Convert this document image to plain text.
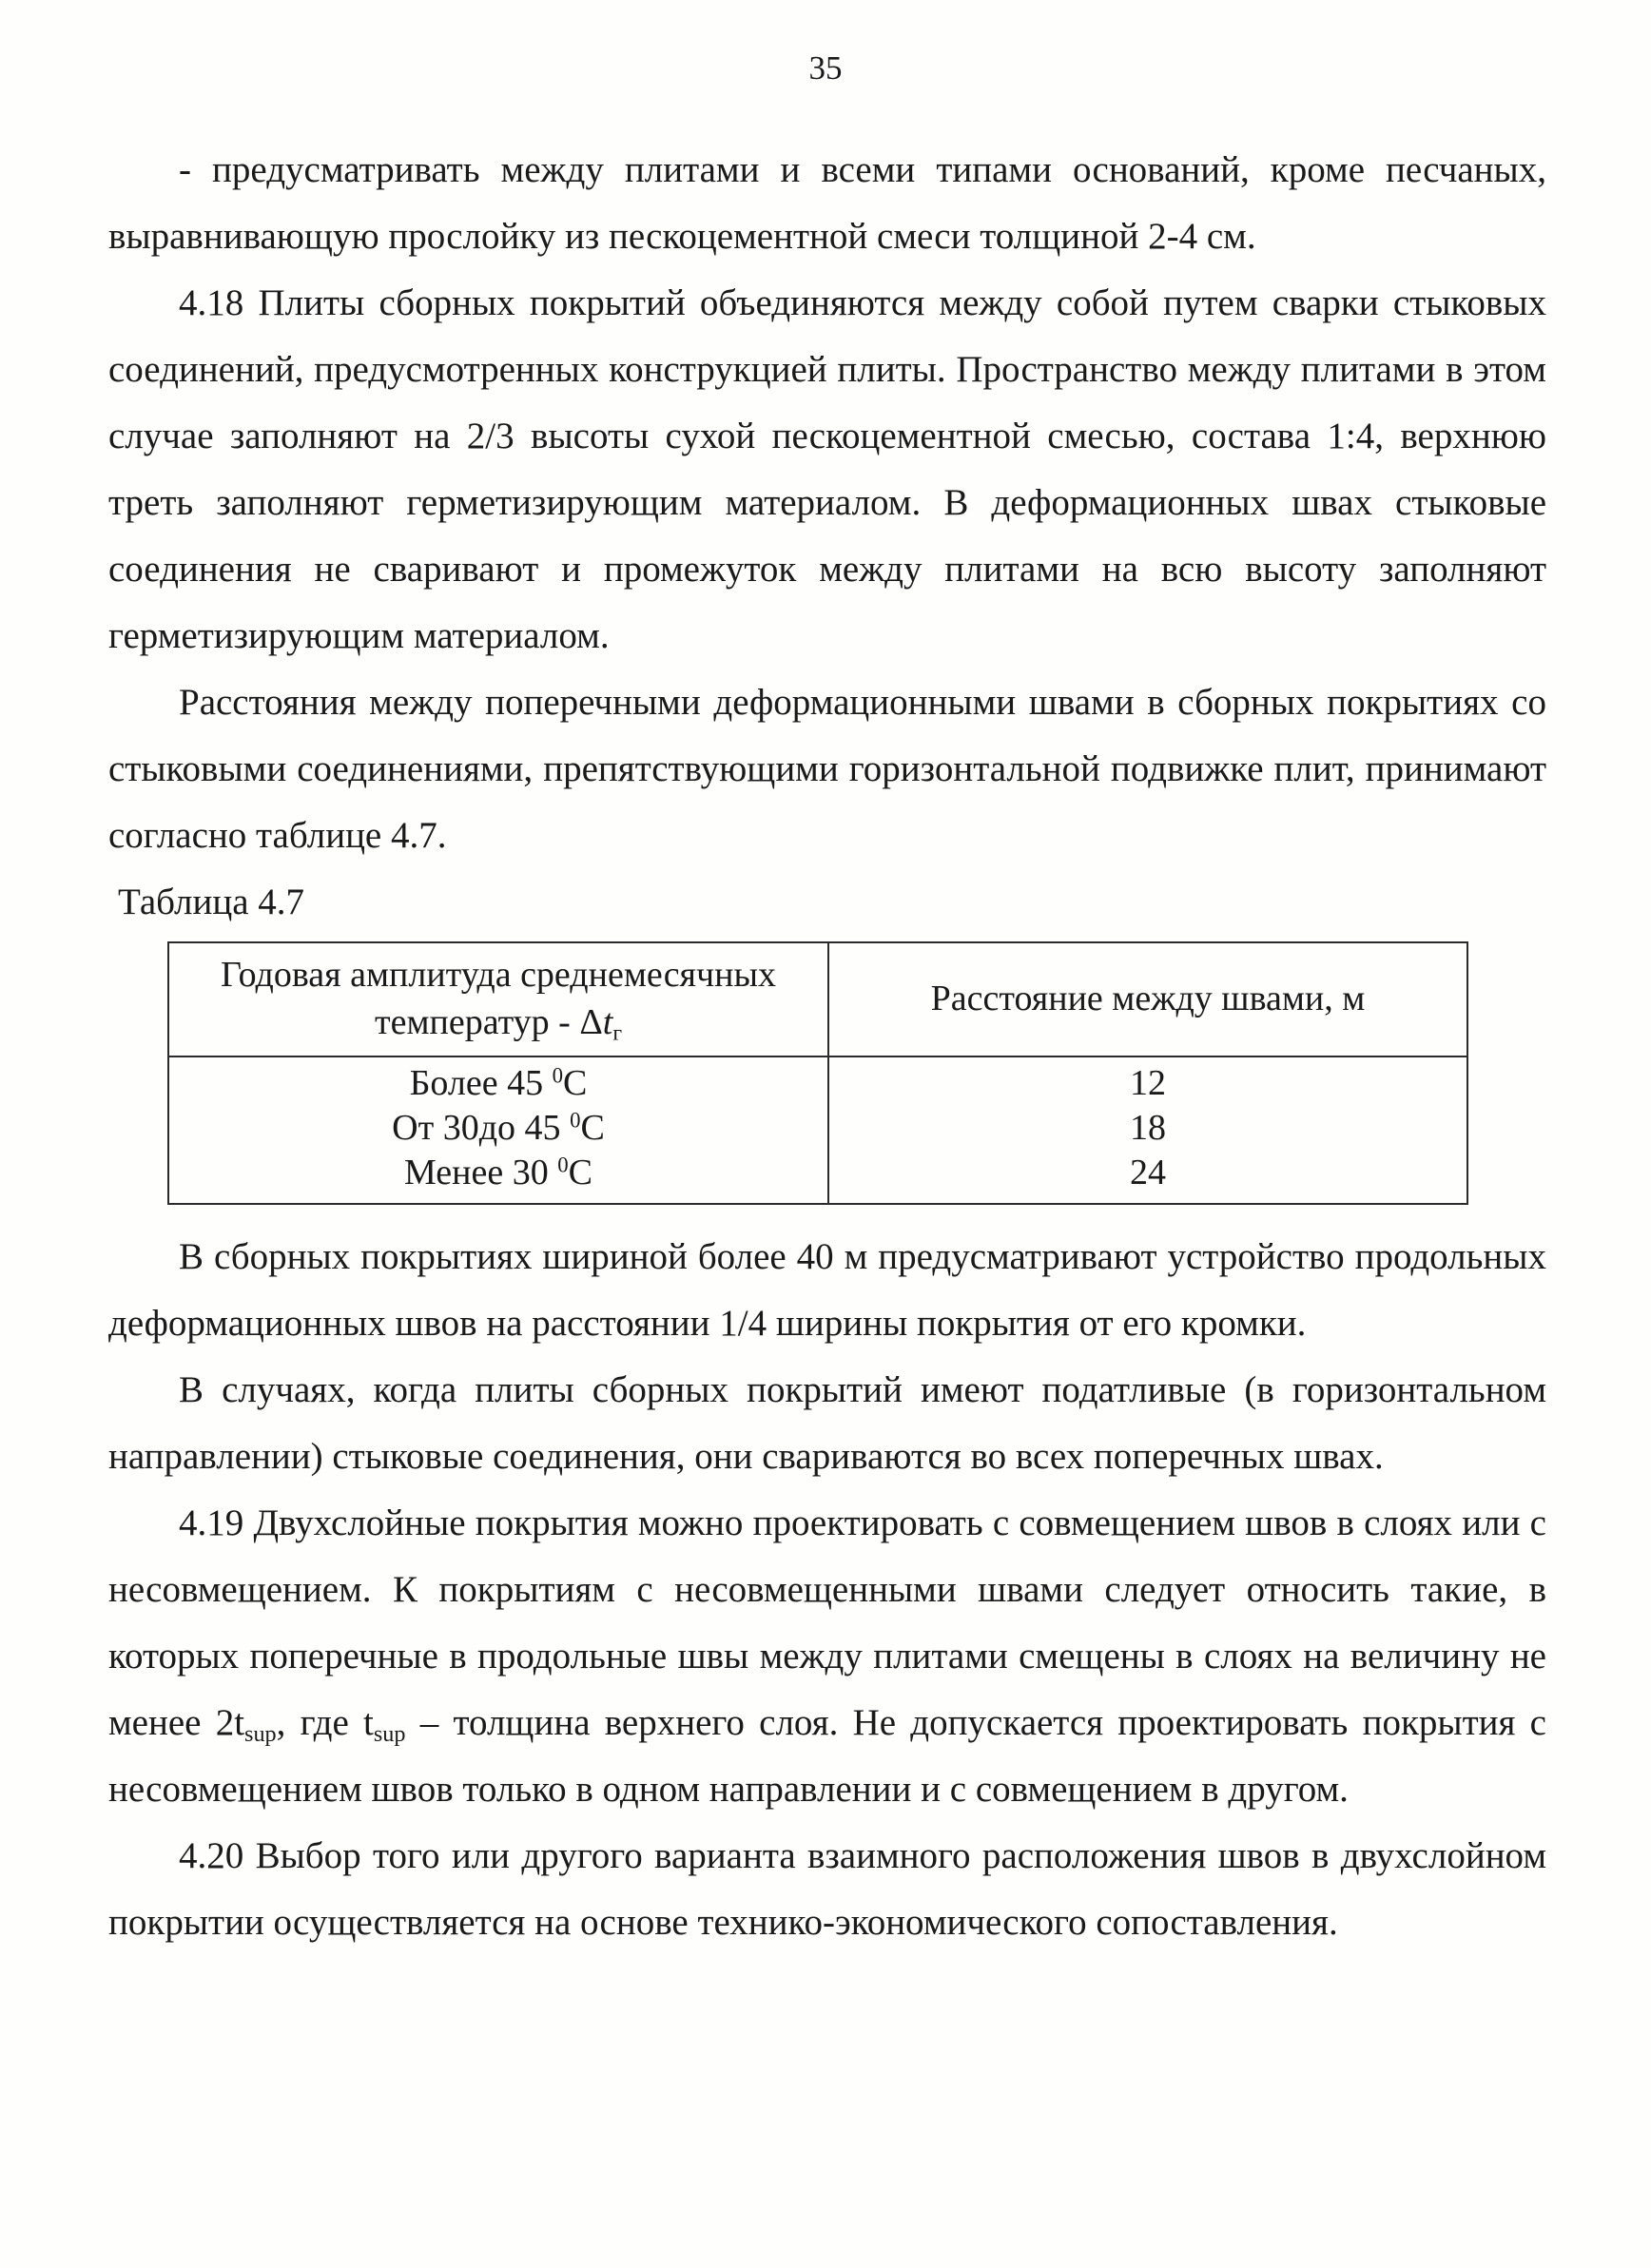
35

- предусматривать между плитами и всеми типами оснований, кроме песчаных, выравнивающую прослойку из пескоцементной смеси толщиной 2-4 см.

4.18 Плиты сборных покрытий объединяются между собой путем сварки стыковых соединений, предусмотренных конструкцией плиты. Пространство между плитами в этом случае заполняют на 2/3 высоты сухой пескоцементной смесью, состава 1:4, верхнюю треть заполняют герметизирующим материалом. В деформационных швах стыковые соединения не сваривают и промежуток между плитами на всю высоту заполняют герметизирующим материалом.

Расстояния между поперечными деформационными швами в сборных покрытиях со стыковыми соединениями, препятствующими горизонтальной подвижке плит, принимают согласно таблице 4.7.

Таблица 4.7

Годовая амплитуда среднемесячных
температур - $\Delta t_г$	Расстояние между швами, м
Более 45 $^0$С	12
От 30до 45 $^0$С	18
Менее 30 $^0$С	24

В сборных покрытиях шириной более 40 м предусматривают устройство продольных деформационных швов на расстоянии 1/4 ширины покрытия от его кромки.

В случаях, когда плиты сборных покрытий имеют податливые (в горизонтальном направлении) стыковые соединения, они свариваются во всех поперечных швах.

4.19 Двухслойные покрытия можно проектировать с совмещением швов в слоях или с несовмещением. К покрытиям с несовмещенными швами следует относить такие, в которых поперечные в продольные швы между плитами смещены в слоях на величину не менее $2t_{sup}$, где $t_{sup}$ – толщина верхнего слоя. Не допускается проектировать покрытия с несовмещением швов только в одном направлении и с совмещением в другом.

4.20 Выбор того или другого варианта взаимного расположения швов в двухслойном покрытии осуществляется на основе технико-экономического сопоставления.
